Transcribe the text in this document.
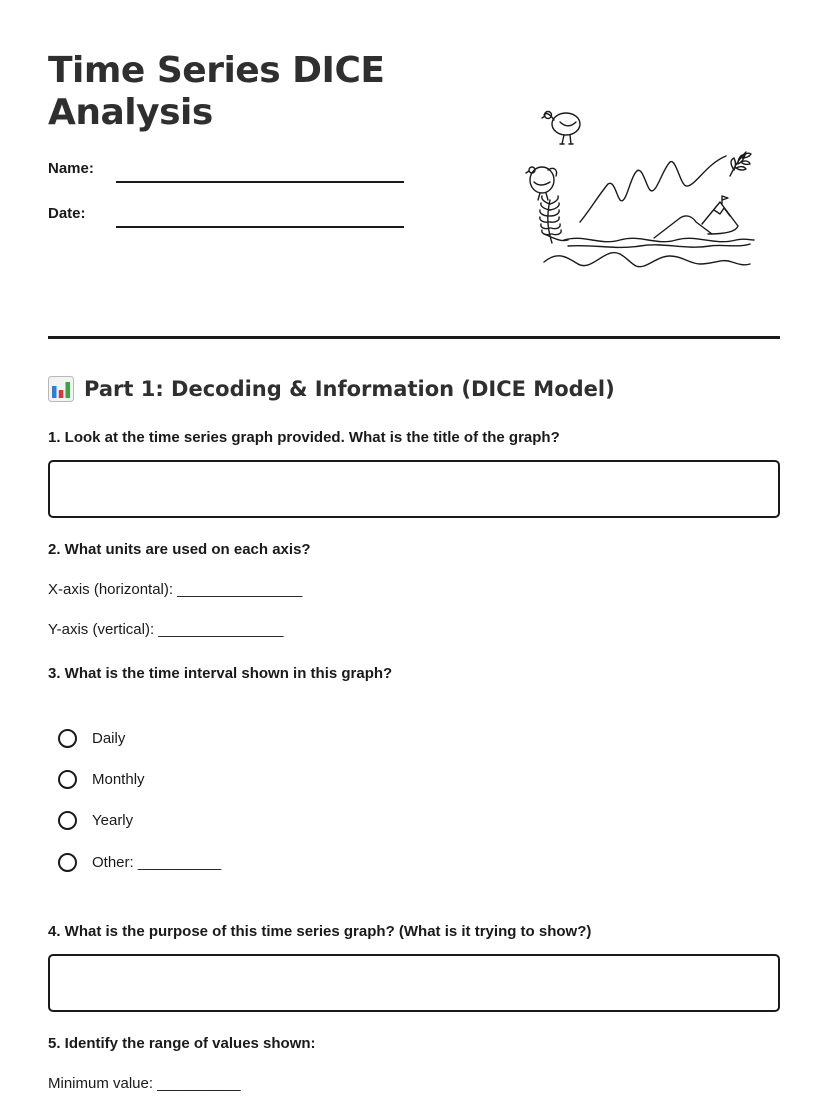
Time Series DICE Analysis
Name:
Date:
Part 1: Decoding & Information (DICE Model)

1. Look at the time series graph provided. What is the title of the graph?

2. What units are used on each axis?

X-axis (horizontal): _______________
Y-axis (vertical): _______________

3. What is the time interval shown in this graph?

Daily
Monthly
Yearly
Other: __________

4. What is the purpose of this time series graph? (What is it trying to show?)

5. Identify the range of values shown:

Minimum value: __________
